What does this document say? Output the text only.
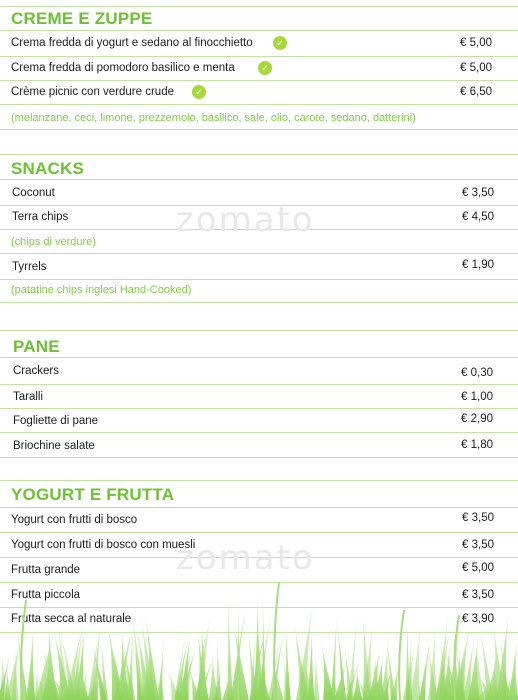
zomato
zomato
CREME E ZUPPE
Crema fredda di yogurt e sedano al finocchietto	✓	€ 5,00
Crema fredda di pomodoro basilico e menta	✓	€ 5,00
Crème picnic con verdure crude	✓	€ 6,50
(melanzane, ceci, limone, prezzemolo, basilico, sale, olio, carote, sedano, datterini)
SNACKS
Coconut	€ 3,50
Terra chips	€ 4,50
(chips di verdure)
Tyrrels	€ 1,90
(patatine chips inglesi Hand-Cooked)
PANE
Crackers	€ 0,30
Taralli	€ 1,00
Fogliette di pane	€ 2,90
Briochine salate	€ 1,80
YOGURT E FRUTTA
Yogurt con frutti di bosco	€ 3,50
Yogurt con frutti di bosco con muesli	€ 3,50
Frutta grande	€ 5,00
Frutta piccola	€ 3,50
Frutta secca al naturale	€ 3,90
